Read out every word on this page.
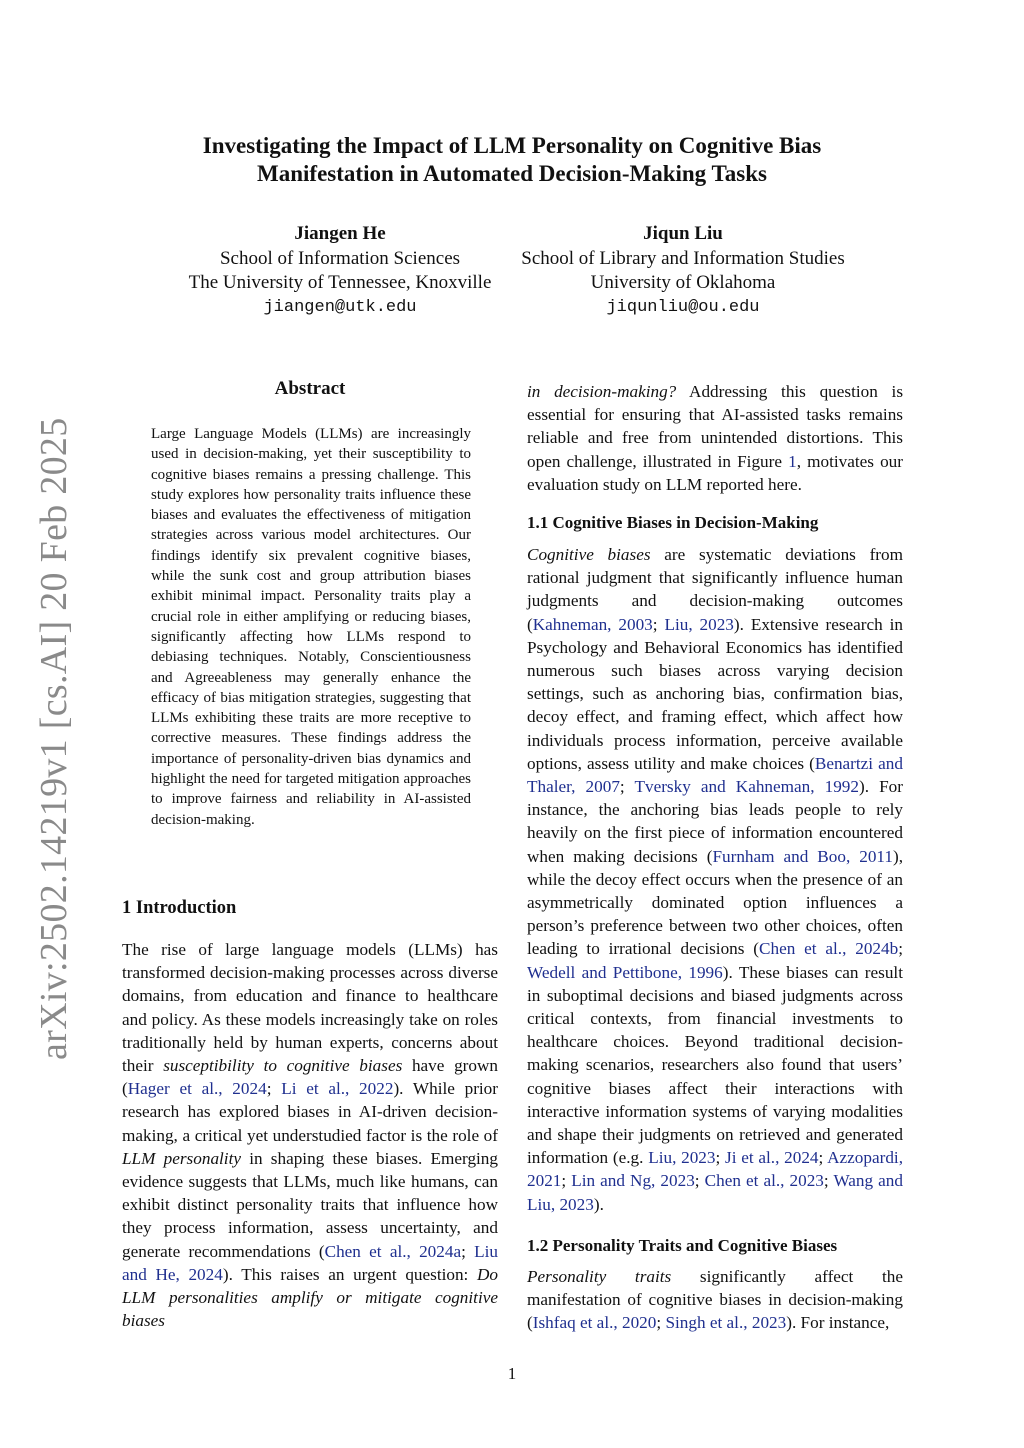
arXiv:2502.14219v1 [cs.AI] 20 Feb 2025
Investigating the Impact of LLM Personality on Cognitive Bias
Manifestation in Automated Decision-Making Tasks
Jiangen He
School of Information Sciences
The University of Tennessee, Knoxville
jiangen@utk.edu
Jiqun Liu
School of Library and Information Studies
University of Oklahoma
jiqunliu@ou.edu
Abstract
Large Language Models (LLMs) are increasingly used in decision-making, yet their susceptibility to cognitive biases remains a pressing challenge. This study explores how personality traits influence these biases and evaluates the effectiveness of mitigation strategies across various model architectures. Our findings identify six prevalent cognitive biases, while the sunk cost and group attribution biases exhibit minimal impact. Personality traits play a crucial role in either amplifying or reducing biases, significantly affecting how LLMs respond to debiasing techniques. Notably, Conscientiousness and Agreeableness may generally enhance the efficacy of bias mitigation strategies, suggesting that LLMs exhibiting these traits are more receptive to corrective measures. These findings address the importance of personality-driven bias dynamics and highlight the need for targeted mitigation approaches to improve fairness and reliability in AI-assisted decision-making.
1 Introduction
The rise of large language models (LLMs) has transformed decision-making processes across diverse domains, from education and finance to healthcare and policy. As these models increasingly take on roles traditionally held by human experts, concerns about their susceptibility to cognitive biases have grown (Hager et al., 2024; Li et al., 2022). While prior research has explored biases in AI-driven decision-making, a critical yet understudied factor is the role of LLM personality in shaping these biases. Emerging evidence suggests that LLMs, much like humans, can exhibit distinct personality traits that influence how they process information, assess uncertainty, and generate recommendations (Chen et al., 2024a; Liu and He, 2024). This raises an urgent question: Do LLM personalities amplify or mitigate cognitive biases
in decision-making? Addressing this question is essential for ensuring that AI-assisted tasks remains reliable and free from unintended distortions. This open challenge, illustrated in Figure 1, motivates our evaluation study on LLM reported here.
1.1 Cognitive Biases in Decision-Making
Cognitive biases are systematic deviations from rational judgment that significantly influence human judgments and decision-making outcomes (Kahneman, 2003; Liu, 2023). Extensive research in Psychology and Behavioral Economics has identified numerous such biases across varying decision settings, such as anchoring bias, confirmation bias, decoy effect, and framing effect, which affect how individuals process information, perceive available options, assess utility and make choices (Benartzi and Thaler, 2007; Tversky and Kahneman, 1992). For instance, the anchoring bias leads people to rely heavily on the first piece of information encountered when making decisions (Furnham and Boo, 2011), while the decoy effect occurs when the presence of an asymmetrically dominated option influences a person’s preference between two other choices, often leading to irrational decisions (Chen et al., 2024b; Wedell and Pettibone, 1996). These biases can result in suboptimal decisions and biased judgments across critical contexts, from financial investments to healthcare choices. Beyond traditional decision-making scenarios, researchers also found that users’ cognitive biases affect their interactions with interactive information systems of varying modalities and shape their judgments on retrieved and generated information (e.g. Liu, 2023; Ji et al., 2024; Azzopardi, 2021; Lin and Ng, 2023; Chen et al., 2023; Wang and Liu, 2023).
1.2 Personality Traits and Cognitive Biases
Personality traits significantly affect the manifestation of cognitive biases in decision-making (Ishfaq et al., 2020; Singh et al., 2023). For instance,
1
